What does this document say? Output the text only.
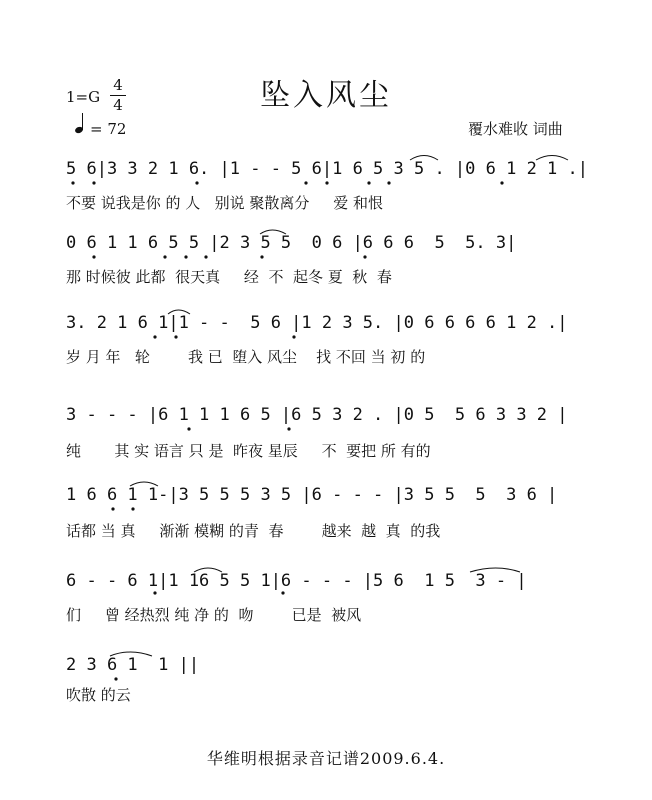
坠入风尘
1=G
4
4
= 72	覆水难收 词曲
5 6|3 3 2 1 6. |1 - - 5 6|1 6 5 3 5 . |0 6 1 2 1 .|
不要 说我是你 的 人   别说 聚散离分     爱 和恨
0 6 1 1 6 5 5 |2 3 5 5  0 6 |6 6 6  5  5. 3|
那 时候彼 此都  很天真     经  不  起冬 夏  秋  春
3. 2 1 6 1|1 - -  5 6 |1 2 3 5. |0 6 6 6 6 1 2 .|
岁 月 年   轮        我 已  堕入 风尘    找 不回 当 初 的
3 - - - |6 1 1 1 6 5 |6 5 3 2 . |0 5  5 6 3 3 2 |
纯       其 实 语言 只 是  昨夜 星辰     不  要把 所 有的
1 6 6 1 1-|3 5 5 5 3 5 |6 - - - |3 5 5  5  3 6 |
话都 当 真     渐渐 模糊 的青  春        越来  越  真  的我
6 - - 6 1|1 16 5 5 1|6 - - - |5 6  1 5  3 - |
们     曾 经热烈 纯 净 的  吻        已是  被风
2 3 6 1  1 ||
吹散 的云
华维明根据录音记谱2009.6.4.
